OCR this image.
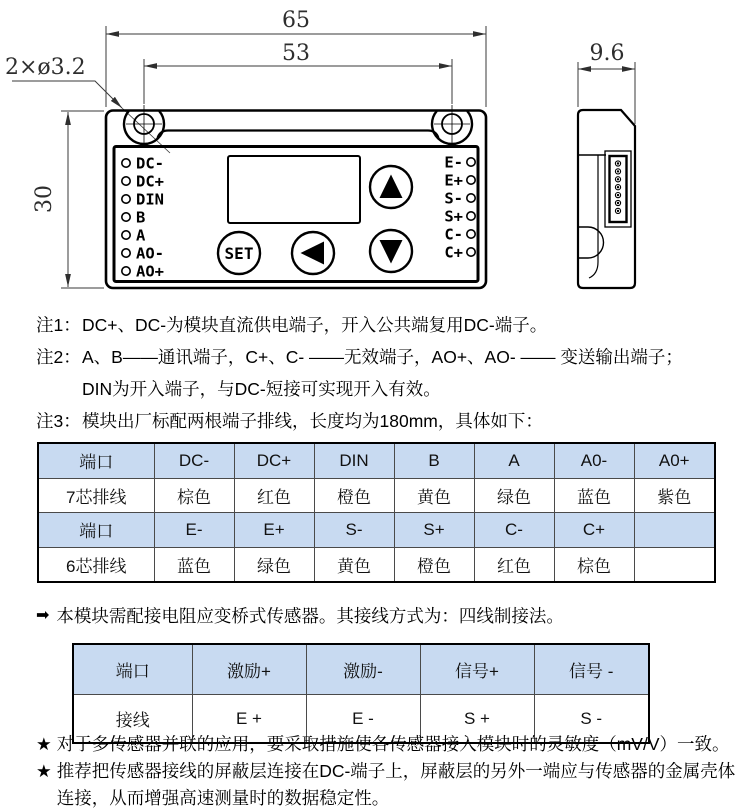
65
53
30
2×ø3.2
9.6
SET
DC-
DC+
DIN
B
A
AO-
AO+
E-
E+
S-
S+
C-
C+
注1： DC+、DC-为模块直流供电端子，开入公共端复用DC-端子。
注2： A、B——通讯端子，C+、C- ——无效端子，AO+、AO- —— 变送输出端子；
DIN为开入端子，与DC-短接可实现开入有效。
注3： 模块出厂标配两根端子排线，长度均为180mm，具体如下：
端口	DC-	DC+	DIN	B	A	A0-	A0+
7芯排线	棕色	红色	橙色	黄色	绿色	蓝色	紫色
端口	E-	E+	S-	S+	C-	C+	
6芯排线	蓝色	绿色	黄色	橙色	红色	棕色	
➡ 本模块需配接电阻应变桥式传感器。其接线方式为：四线制接法。
端口	激励+	激励-	信号+	信号 -
接线	E +	E -	S +	S -
★ 对于多传感器并联的应用，要采取措施使各传感器接入模块时的灵敏度（mV/V）一致。
★ 推荐把传感器接线的屏蔽层连接在DC-端子上，屏蔽层的另外一端应与传感器的金属壳体连接，从而增强高速测量时的数据稳定性。
